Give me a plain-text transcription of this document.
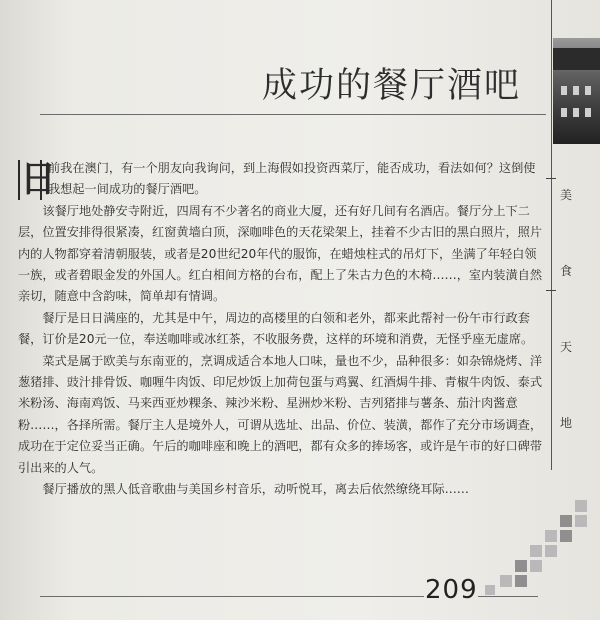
美
食
天
地
成功的餐厅酒吧

日
前我在澳门，有一个朋友向我询问，到上海假如投资西菜厅，能否成功，看法如何？这倒使我想起一间成功的餐厅酒吧。

该餐厅地处静安寺附近，四周有不少著名的商业大厦，还有好几间有名酒店。餐厅分上下二层，位置安排得很紧凑，红窗黄墙白顶，深咖啡色的天花梁架上，挂着不少古旧的黑白照片，照片内的人物都穿着清朝服装，或者是20世纪20年代的服饰，在蜡烛柱式的吊灯下，坐满了年轻白领一族，或者碧眼金发的外国人。红白相间方格的台布，配上了朱古力色的木椅……，室内装潢自然亲切，随意中含韵味，简单却有情调。

餐厅是日日满座的，尤其是中午，周边的高楼里的白领和老外，都来此帮衬一份午市行政套餐，订价是20元一位，奉送咖啡或冰红茶，不收服务费，这样的环境和消费，无怪乎座无虚席。

菜式是属于欧美与东南亚的，烹调成适合本地人口味，量也不少，品种很多：如杂锦烧烤、洋葱猪排、豉汁排骨饭、咖喱牛肉饭、印尼炒饭上加荷包蛋与鸡翼、红酒焗牛排、青椒牛肉饭、泰式米粉汤、海南鸡饭、马来西亚炒粿条、辣沙米粉、星洲炒米粉、吉列猪排与薯条、茄汁肉酱意粉……，各择所需。餐厅主人是境外人，可谓从选址、出品、价位、装潢，都作了充分市场调查，成功在于定位妥当正确。午后的咖啡座和晚上的酒吧，都有众多的捧场客，或许是午市的好口碑带引出来的人气。

餐厅播放的黑人低音歌曲与美国乡村音乐，动听悦耳，离去后依然缭绕耳际……

209
